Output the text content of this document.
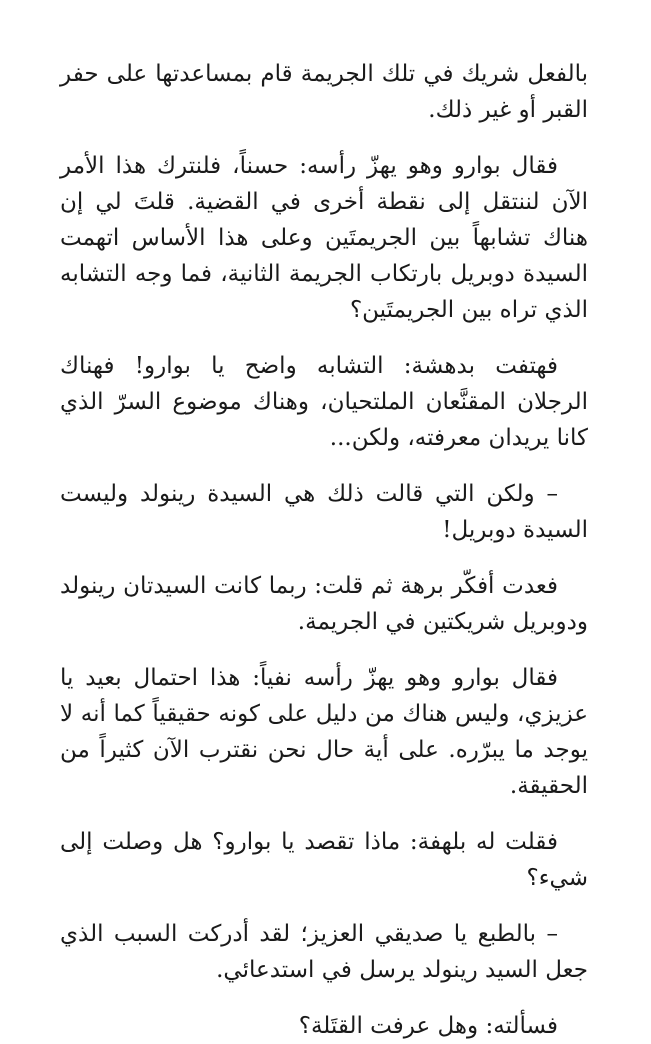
بالفعل شريك في تلك الجريمة قام بمساعدتها على حفر القبر أو غير ذلك.

فقال بوارو وهو يهزّ رأسه: حسناً، فلنترك هذا الأمر الآن لننتقل إلى نقطة أخرى في القضية. قلتَ لي إن هناك تشابهاً بين الجريمتَين وعلى هذا الأساس اتهمت السيدة دوبريل بارتكاب الجريمة الثانية، فما وجه التشابه الذي تراه بين الجريمتَين؟

فهتفت بدهشة: التشابه واضح يا بوارو! فهناك الرجلان المقنَّعان الملتحيان، وهناك موضوع السرّ الذي كانا يريدان معرفته، ولكن...

– ولكن التي قالت ذلك هي السيدة رينولد وليست السيدة دوبريل!

فعدت أفكّر برهة ثم قلت: ربما كانت السيدتان رينولد ودوبريل شريكتين في الجريمة.

فقال بوارو وهو يهزّ رأسه نفياً: هذا احتمال بعيد يا عزيزي، وليس هناك من دليل على كونه حقيقياً كما أنه لا يوجد ما يبرّره. على أية حال نحن نقترب الآن كثيراً من الحقيقة.

فقلت له بلهفة: ماذا تقصد يا بوارو؟ هل وصلت إلى شيء؟

– بالطبع يا صديقي العزيز؛ لقد أدركت السبب الذي جعل السيد رينولد يرسل في استدعائي.

فسألته: وهل عرفت القتَلة؟
